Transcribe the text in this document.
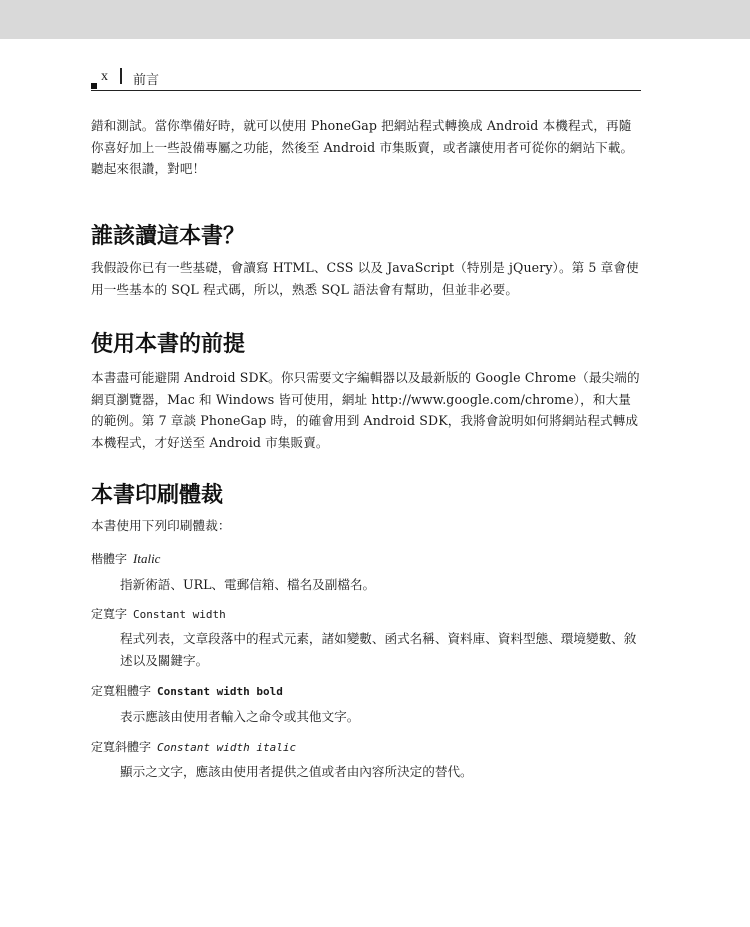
x 前言

錯和測試。當你準備好時，就可以使用 PhoneGap 把網站程式轉換成 Android 本機程式，再隨你喜好加上一些設備專屬之功能，然後至 Android 市集販賣，或者讓使用者可從你的網站下載。聽起來很讚，對吧！

誰該讀這本書？

我假設你已有一些基礎，會讀寫 HTML、CSS 以及 JavaScript（特別是 jQuery）。第 5 章會使用一些基本的 SQL 程式碼，所以，熟悉 SQL 語法會有幫助，但並非必要。

使用本書的前提

本書盡可能避開 Android SDK。你只需要文字編輯器以及最新版的 Google Chrome（最尖端的網頁瀏覽器，Mac 和 Windows 皆可使用，網址 http://www.google.com/chrome），和大量的範例。第 7 章談 PhoneGap 時，的確會用到 Android SDK，我將會說明如何將網站程式轉成本機程式，才好送至 Android 市集販賣。

本書印刷體裁

本書使用下列印刷體裁：

楷體字 Italic

指新術語、URL、電郵信箱、檔名及副檔名。

定寬字 Constant width

程式列表，文章段落中的程式元素，諸如變數、函式名稱、資料庫、資料型態、環境變數、敘述以及關鍵字。

定寬粗體字 Constant width bold

表示應該由使用者輸入之命令或其他文字。

定寬斜體字 Constant width italic

顯示之文字，應該由使用者提供之值或者由內容所決定的替代。
